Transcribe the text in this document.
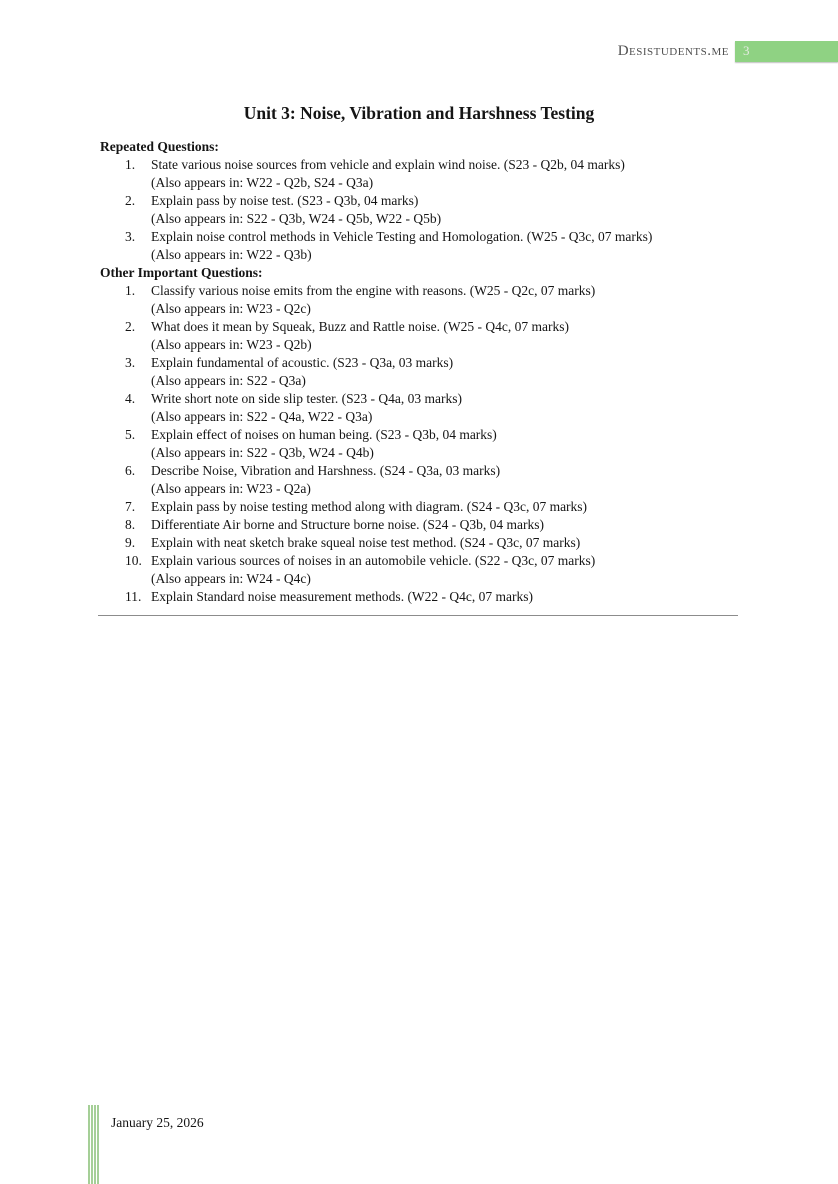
Desistudents.me	3
Unit 3: Noise, Vibration and Harshness Testing
Repeated Questions:
1. State various noise sources from vehicle and explain wind noise. (S23 - Q2b, 04 marks)
(Also appears in: W22 - Q2b, S24 - Q3a)
2. Explain pass by noise test. (S23 - Q3b, 04 marks)
(Also appears in: S22 - Q3b, W24 - Q5b, W22 - Q5b)
3. Explain noise control methods in Vehicle Testing and Homologation. (W25 - Q3c, 07 marks)
(Also appears in: W22 - Q3b)
Other Important Questions:
1. Classify various noise emits from the engine with reasons. (W25 - Q2c, 07 marks)
(Also appears in: W23 - Q2c)
2. What does it mean by Squeak, Buzz and Rattle noise. (W25 - Q4c, 07 marks)
(Also appears in: W23 - Q2b)
3. Explain fundamental of acoustic. (S23 - Q3a, 03 marks)
(Also appears in: S22 - Q3a)
4. Write short note on side slip tester. (S23 - Q4a, 03 marks)
(Also appears in: S22 - Q4a, W22 - Q3a)
5. Explain effect of noises on human being. (S23 - Q3b, 04 marks)
(Also appears in: S22 - Q3b, W24 - Q4b)
6. Describe Noise, Vibration and Harshness. (S24 - Q3a, 03 marks)
(Also appears in: W23 - Q2a)
7. Explain pass by noise testing method along with diagram. (S24 - Q3c, 07 marks)
8. Differentiate Air borne and Structure borne noise. (S24 - Q3b, 04 marks)
9. Explain with neat sketch brake squeal noise test method. (S24 - Q3c, 07 marks)
10. Explain various sources of noises in an automobile vehicle. (S22 - Q3c, 07 marks)
(Also appears in: W24 - Q4c)
11. Explain Standard noise measurement methods. (W22 - Q4c, 07 marks)
January 25, 2026
